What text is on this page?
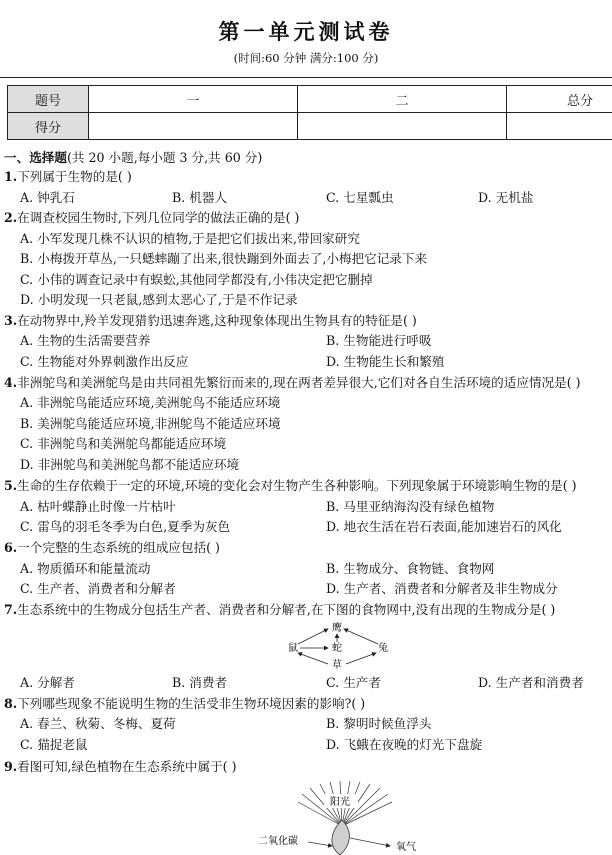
第一单元测试卷
(时间:60 分钟 满分:100 分)
题号	一	二	总分
得分			
一、选择题(共 20 小题,每小题 3 分,共 60 分)
1.下列属于生物的是( )
A. 钟乳石	B. 机器人	C. 七星瓢虫	D. 无机盐
2.在调查校园生物时,下列几位同学的做法正确的是( )
A. 小军发现几株不认识的植物,于是把它们拔出来,带回家研究
B. 小梅拨开草丛,一只蟋蟀蹦了出来,很快蹦到外面去了,小梅把它记录下来
C. 小伟的调查记录中有蜈蚣,其他同学都没有,小伟决定把它删掉
D. 小明发现一只老鼠,感到太恶心了,于是不作记录
3.在动物界中,羚羊发现猎豹迅速奔逃,这种现象体现出生物具有的特征是( )
A. 生物的生活需要营养	B. 生物能进行呼吸
C. 生物能对外界刺激作出反应	D. 生物能生长和繁殖
4.非洲鸵鸟和美洲鸵鸟是由共同祖先繁衍而来的,现在两者差异很大,它们对各自生活环境的适应情况是( )
A. 非洲鸵鸟能适应环境,美洲鸵鸟不能适应环境
B. 美洲鸵鸟能适应环境,非洲鸵鸟不能适应环境
C. 非洲鸵鸟和美洲鸵鸟都能适应环境
D. 非洲鸵鸟和美洲鸵鸟都不能适应环境
5.生命的生存依赖于一定的环境,环境的变化会对生物产生各种影响。下列现象属于环境影响生物的是( )
A. 枯叶蝶静止时像一片枯叶	B. 马里亚纳海沟没有绿色植物
C. 雷鸟的羽毛冬季为白色,夏季为灰色	D. 地衣生活在岩石表面,能加速岩石的风化
6.一个完整的生态系统的组成应包括( )
A. 物质循环和能量流动	B. 生物成分、食物链、食物网
C. 生产者、消费者和分解者	D. 生产者、消费者和分解者及非生物成分
7.生态系统中的生物成分包括生产者、消费者和分解者,在下图的食物网中,没有出现的生物成分是( )
鹰
鼠	蛇	兔
草
A. 分解者	B. 消费者	C. 生产者	D. 生产者和消费者
8.下列哪些现象不能说明生物的生活受非生物环境因素的影响?( )
A. 春兰、秋菊、冬梅、夏荷	B. 黎明时候鱼浮头
C. 猫捉老鼠	D. 飞蛾在夜晚的灯光下盘旋
9.看图可知,绿色植物在生态系统中属于( )
阳光
二氧化碳
氧气
